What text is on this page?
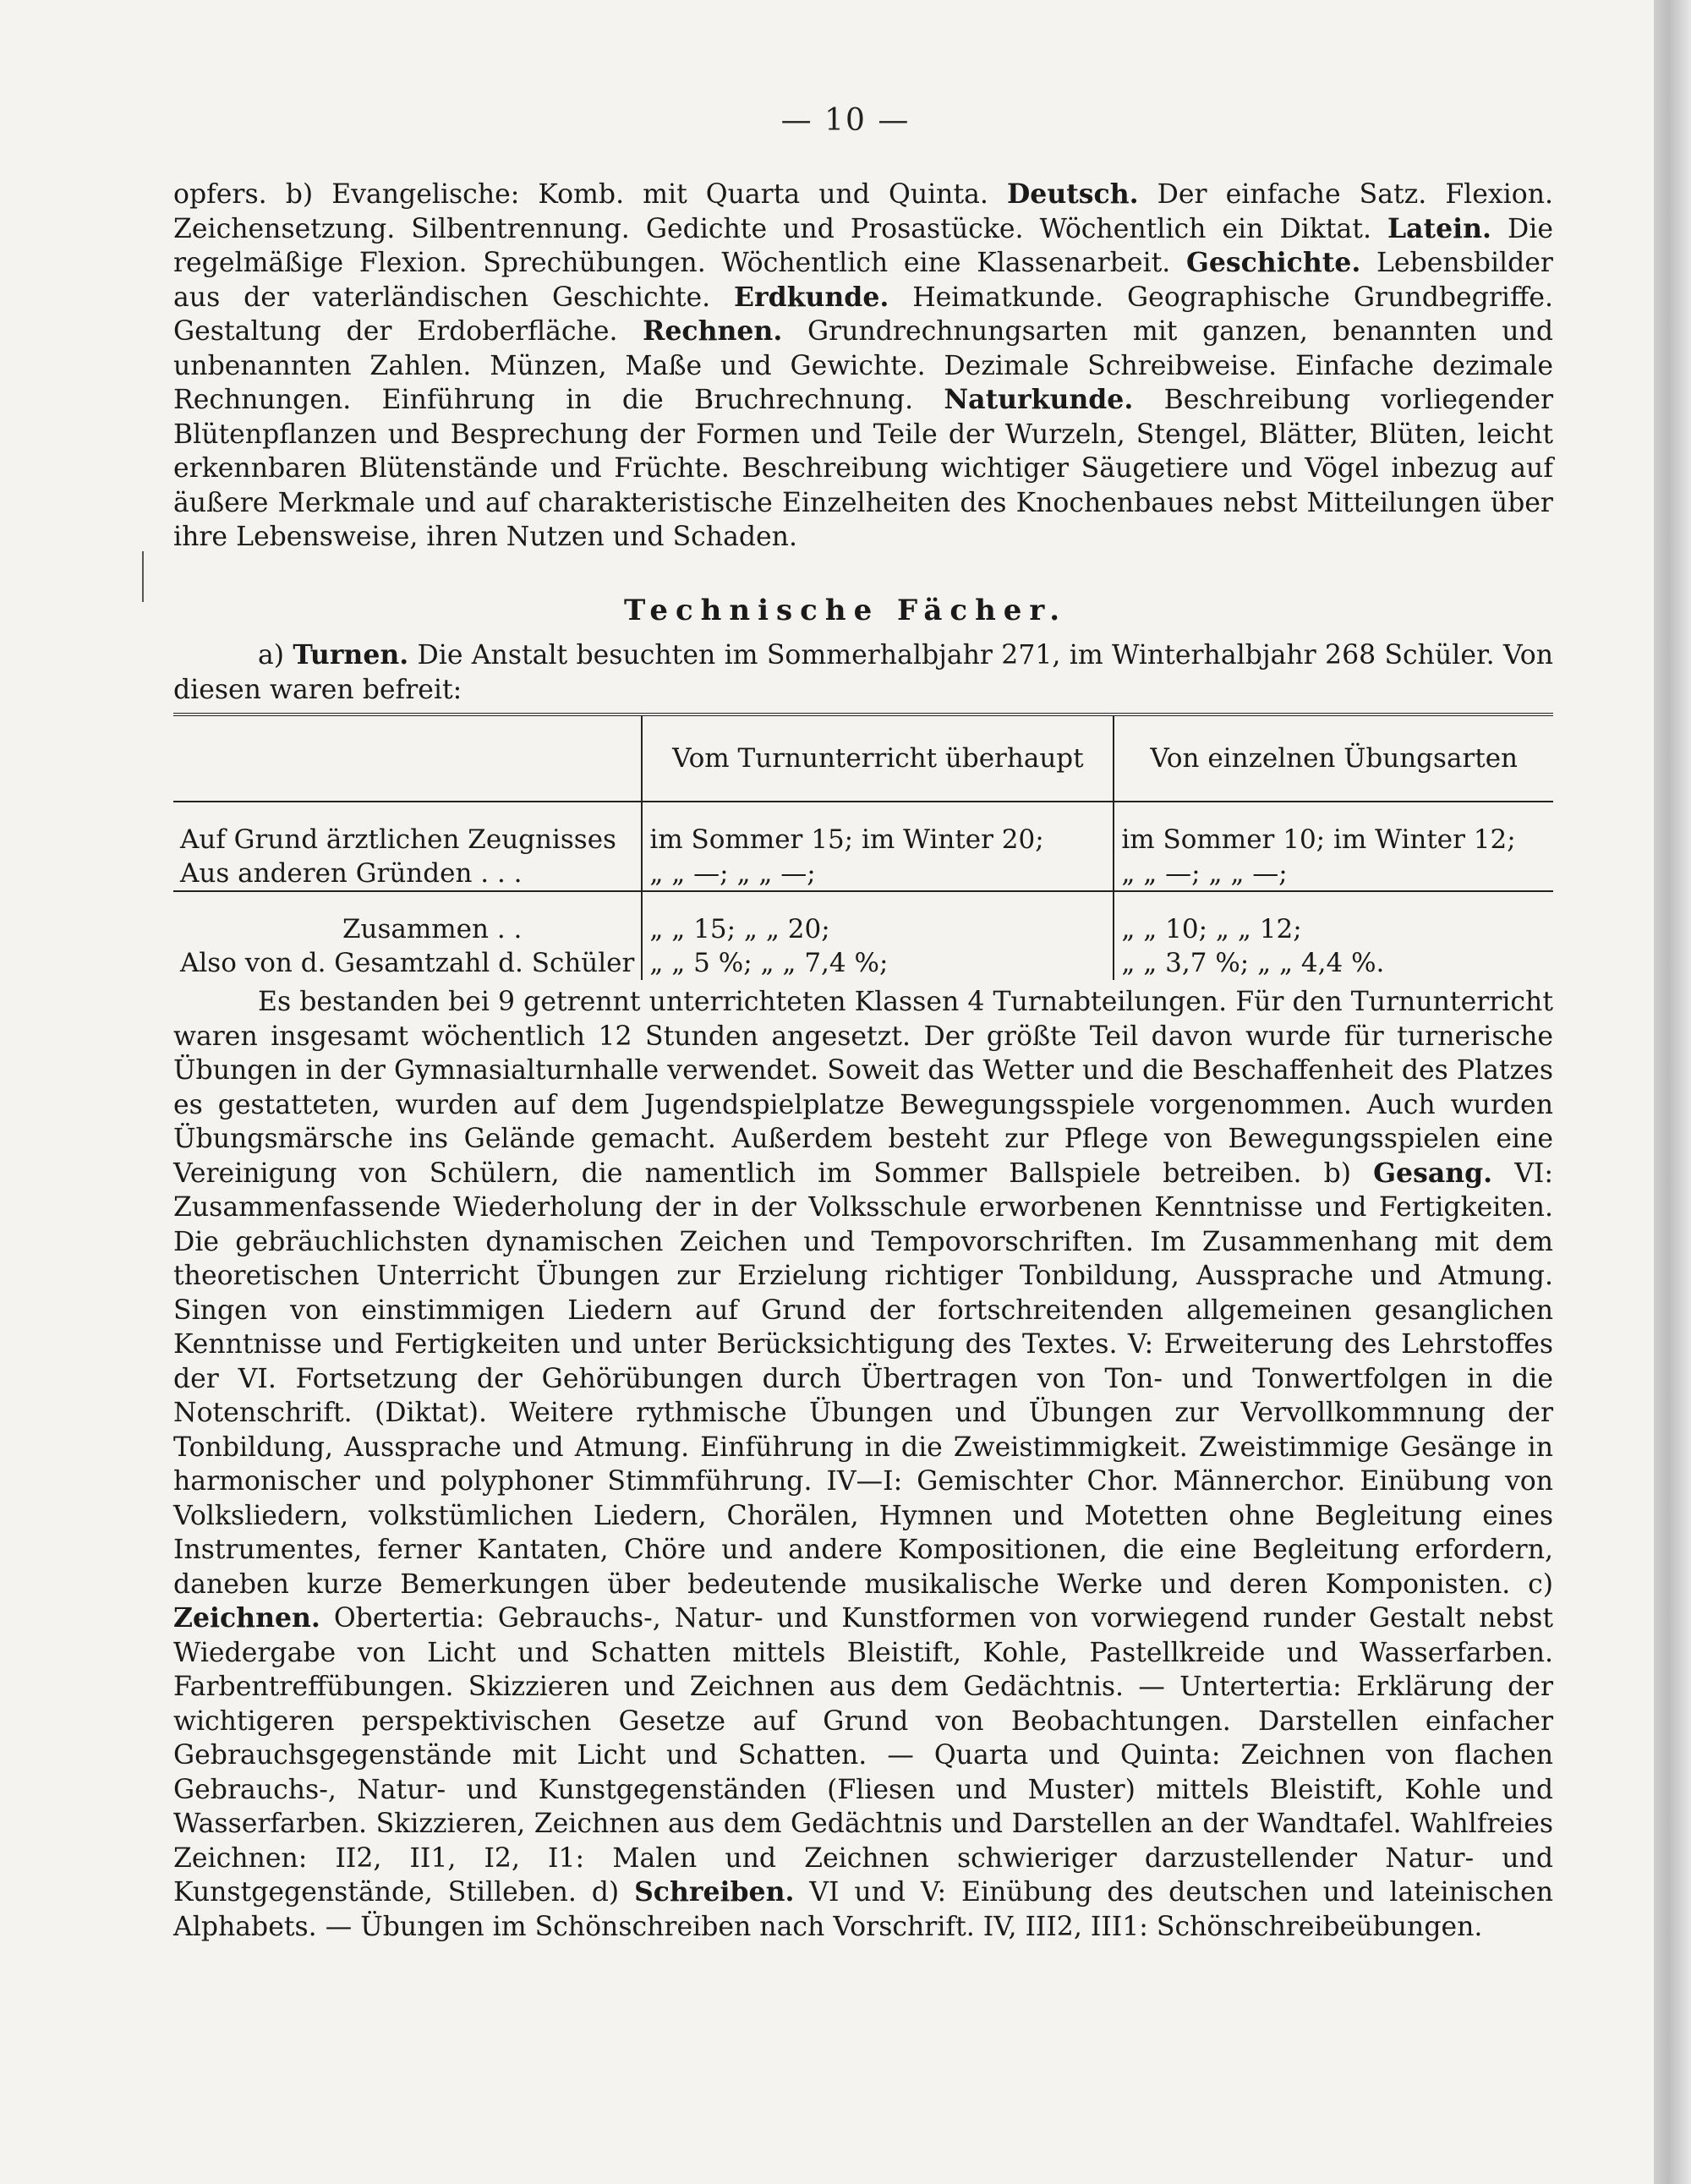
— 10 —

opfers. b) Evangelische: Komb. mit Quarta und Quinta. Deutsch. Der einfache Satz. Flexion. Zeichensetzung. Silbentrennung. Gedichte und Prosastücke. Wöchentlich ein Diktat. Latein. Die regelmäßige Flexion. Sprechübungen. Wöchentlich eine Klassenarbeit. Geschichte. Lebensbilder aus der vaterländischen Geschichte. Erdkunde. Heimatkunde. Geographische Grundbegriffe. Gestaltung der Erdoberfläche. Rechnen. Grundrechnungsarten mit ganzen, benannten und unbenannten Zahlen. Münzen, Maße und Gewichte. Dezimale Schreibweise. Einfache dezimale Rechnungen. Einführung in die Bruchrechnung. Naturkunde. Beschreibung vorliegender Blütenpflanzen und Besprechung der Formen und Teile der Wurzeln, Stengel, Blätter, Blüten, leicht erkennbaren Blütenstände und Früchte. Beschreibung wichtiger Säugetiere und Vögel inbezug auf äußere Merkmale und auf charakteristische Einzelheiten des Knochenbaues nebst Mitteilungen über ihre Lebensweise, ihren Nutzen und Schaden.

Technische Fächer.

a) Turnen. Die Anstalt besuchten im Sommerhalbjahr 271, im Winterhalbjahr 268 Schüler. Von diesen waren befreit:

	Vom Turnunterricht überhaupt	Von einzelnen Übungsarten

Auf Grund ärztlichen Zeugnisses	im Sommer 15; im Winter 20;	im Sommer 10; im Winter 12;
Aus anderen Gründen . . .	„ „ —; „ „ —;	„ „ —; „ „ —;

Zusammen . .	„ „ 15; „ „ 20;	„ „ 10; „ „ 12;
Also von d. Gesamtzahl d. Schüler	„ „ 5 %; „ „ 7,4 %;	„ „ 3,7 %; „ „ 4,4 %.

Es bestanden bei 9 getrennt unterrichteten Klassen 4 Turnabteilungen. Für den Turnunterricht waren insgesamt wöchentlich 12 Stunden angesetzt. Der größte Teil davon wurde für turnerische Übungen in der Gymnasialturnhalle verwendet. Soweit das Wetter und die Beschaffenheit des Platzes es gestatteten, wurden auf dem Jugendspielplatze Bewegungsspiele vorgenommen. Auch wurden Übungsmärsche ins Gelände gemacht. Außerdem besteht zur Pflege von Bewegungsspielen eine Vereinigung von Schülern, die namentlich im Sommer Ballspiele betreiben. b) Gesang. VI: Zusammenfassende Wiederholung der in der Volksschule erworbenen Kenntnisse und Fertigkeiten. Die gebräuchlichsten dynamischen Zeichen und Tempovorschriften. Im Zusammenhang mit dem theoretischen Unterricht Übungen zur Erzielung richtiger Tonbildung, Aussprache und Atmung. Singen von einstimmigen Liedern auf Grund der fortschreitenden allgemeinen gesanglichen Kenntnisse und Fertigkeiten und unter Berücksichtigung des Textes. V: Erweiterung des Lehrstoffes der VI. Fortsetzung der Gehörübungen durch Übertragen von Ton- und Tonwertfolgen in die Notenschrift. (Diktat). Weitere rythmische Übungen und Übungen zur Vervollkommnung der Tonbildung, Aussprache und Atmung. Einführung in die Zweistimmigkeit. Zweistimmige Gesänge in harmonischer und polyphoner Stimmführung. IV—I: Gemischter Chor. Männerchor. Einübung von Volksliedern, volkstümlichen Liedern, Chorälen, Hymnen und Motetten ohne Begleitung eines Instrumentes, ferner Kantaten, Chöre und andere Kompositionen, die eine Begleitung erfordern, daneben kurze Bemerkungen über bedeutende musikalische Werke und deren Komponisten. c) Zeichnen. Obertertia: Gebrauchs-, Natur- und Kunstformen von vorwiegend runder Gestalt nebst Wiedergabe von Licht und Schatten mittels Bleistift, Kohle, Pastellkreide und Wasserfarben. Farbentreffübungen. Skizzieren und Zeichnen aus dem Gedächtnis. — Untertertia: Erklärung der wichtigeren perspektivischen Gesetze auf Grund von Beobachtungen. Darstellen einfacher Gebrauchsgegenstände mit Licht und Schatten. — Quarta und Quinta: Zeichnen von flachen Gebrauchs-, Natur- und Kunstgegenständen (Fliesen und Muster) mittels Bleistift, Kohle und Wasserfarben. Skizzieren, Zeichnen aus dem Gedächtnis und Darstellen an der Wandtafel. Wahlfreies Zeichnen: II2, II1, I2, I1: Malen und Zeichnen schwieriger darzustellender Natur- und Kunstgegenstände, Stilleben. d) Schreiben. VI und V: Einübung des deutschen und lateinischen Alphabets. — Übungen im Schönschreiben nach Vorschrift. IV, III2, III1: Schönschreibeübungen.
